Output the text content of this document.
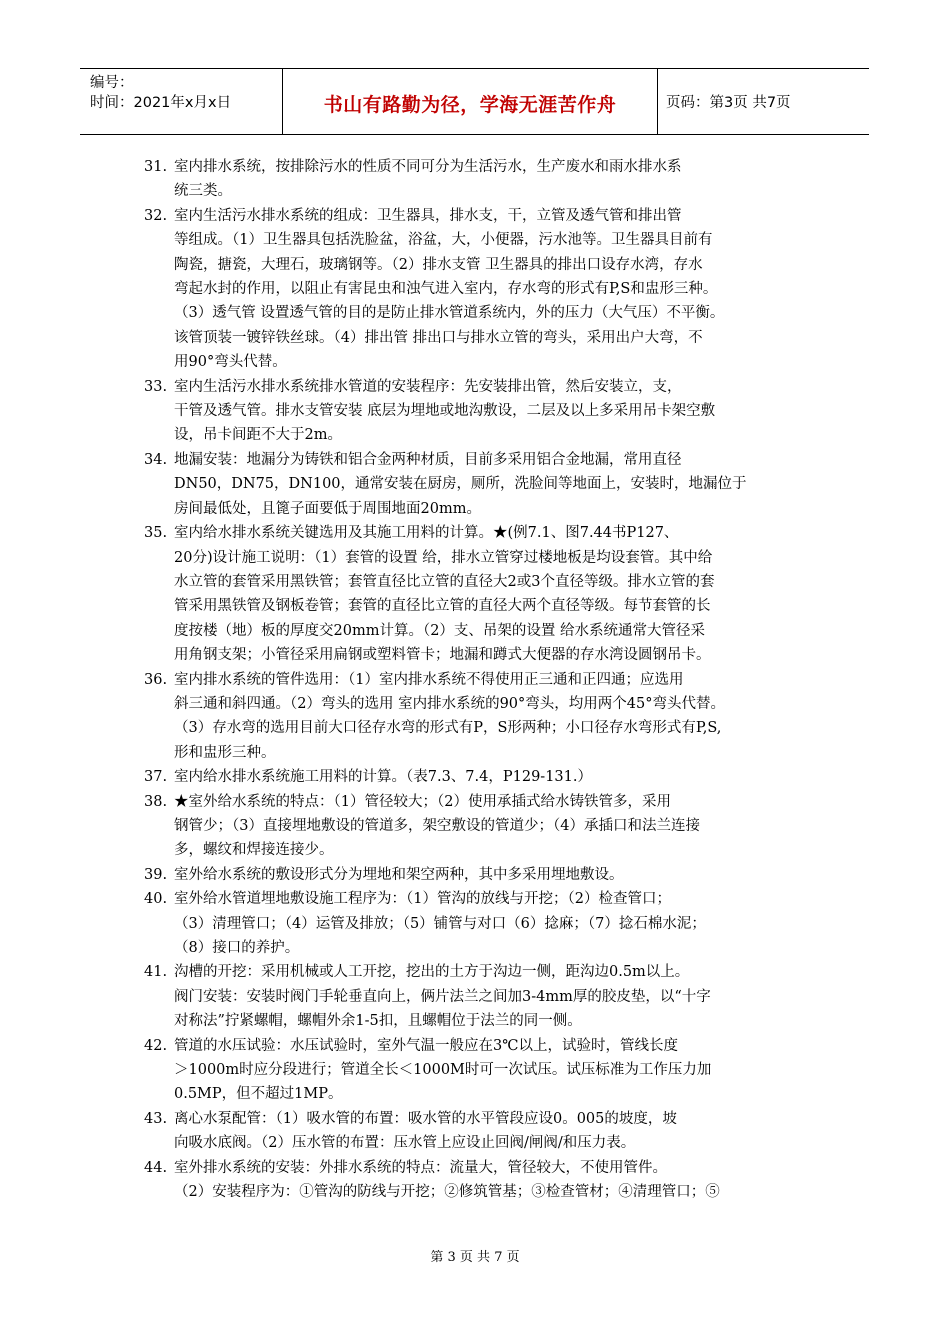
编号：
时间：2021年x月x日	书山有路勤为径，学海无涯苦作舟	页码：第3页 共7页
31. 室内排水系统，按排除污水的性质不同可分为生活污水，生产废水和雨水排水系
统三类。
32. 室内生活污水排水系统的组成：卫生器具，排水支，干，立管及透气管和排出管
等组成。（1）卫生器具包括洗脸盆，浴盆，大，小便器，污水池等。卫生器具目前有
陶瓷，搪瓷，大理石，玻璃钢等。（2）排水支管 卫生器具的排出口设存水湾，存水
弯起水封的作用，以阻止有害昆虫和浊气进入室内，存水弯的形式有P,S和盅形三种。
（3）透气管 设置透气管的目的是防止排水管道系统内，外的压力（大气压）不平衡。
该管顶装一镀锌铁丝球。（4）排出管 排出口与排水立管的弯头，采用出户大弯，不
用90°弯头代替。
33. 室内生活污水排水系统排水管道的安装程序：先安装排出管，然后安装立，支，
干管及透气管。排水支管安装 底层为埋地或地沟敷设，二层及以上多采用吊卡架空敷
设，吊卡间距不大于2m。
34. 地漏安装：地漏分为铸铁和铝合金两种材质，目前多采用铝合金地漏，常用直径
DN50，DN75，DN100，通常安装在厨房，厕所，洗脸间等地面上，安装时，地漏位于
房间最低处，且篦子面要低于周围地面20mm。
35. 室内给水排水系统关键选用及其施工用料的计算。★(例7.1、图7.44书P127、
20分)设计施工说明：（1）套管的设置 给，排水立管穿过楼地板是均设套管。其中给
水立管的套管采用黑铁管；套管直径比立管的直径大2或3个直径等级。排水立管的套
管采用黑铁管及钢板卷管；套管的直径比立管的直径大两个直径等级。每节套管的长
度按楼（地）板的厚度交20mm计算。（2）支、吊架的设置 给水系统通常大管径采
用角钢支架；小管径采用扁钢或塑料管卡；地漏和蹲式大便器的存水湾设圆钢吊卡。
36. 室内排水系统的管件选用：（1）室内排水系统不得使用正三通和正四通；应选用
斜三通和斜四通。（2）弯头的选用 室内排水系统的90°弯头，均用两个45°弯头代替。
（3）存水弯的选用目前大口径存水弯的形式有P，S形两种；小口径存水弯形式有P,S,
形和盅形三种。
37. 室内给水排水系统施工用料的计算。（表7.3、7.4，P129-131.）
38. ★室外给水系统的特点：（1）管径较大；（2）使用承插式给水铸铁管多，采用
钢管少；（3）直接埋地敷设的管道多，架空敷设的管道少；（4）承插口和法兰连接
多，螺纹和焊接连接少。
39. 室外给水系统的敷设形式分为埋地和架空两种，其中多采用埋地敷设。
40. 室外给水管道埋地敷设施工程序为：（1）管沟的放线与开挖；（2）检查管口；
（3）清理管口；（4）运管及排放；（5）铺管与对口（6）捻麻；（7）捻石棉水泥；
（8）接口的养护。
41. 沟槽的开挖：采用机械或人工开挖，挖出的土方于沟边一侧，距沟边0.5m以上。
阀门安装：安装时阀门手轮垂直向上，俩片法兰之间加3-4mm厚的胶皮垫，以“十字
对称法”拧紧螺帽，螺帽外余1-5扣，且螺帽位于法兰的同一侧。
42. 管道的水压试验：水压试验时，室外气温一般应在3℃以上，试验时，管线长度
＞1000m时应分段进行；管道全长＜1000M时可一次试压。试压标准为工作压力加
0.5MP，但不超过1MP。
43. 离心水泵配管：（1）吸水管的布置：吸水管的水平管段应设0。005的坡度，坡
向吸水底阀。（2）压水管的布置：压水管上应设止回阀/闸阀/和压力表。
44. 室外排水系统的安装：外排水系统的特点：流量大，管径较大，不使用管件。
（2）安装程序为：①管沟的防线与开挖；②修筑管基；③检查管材；④清理管口；⑤
第 3 页 共 7 页
